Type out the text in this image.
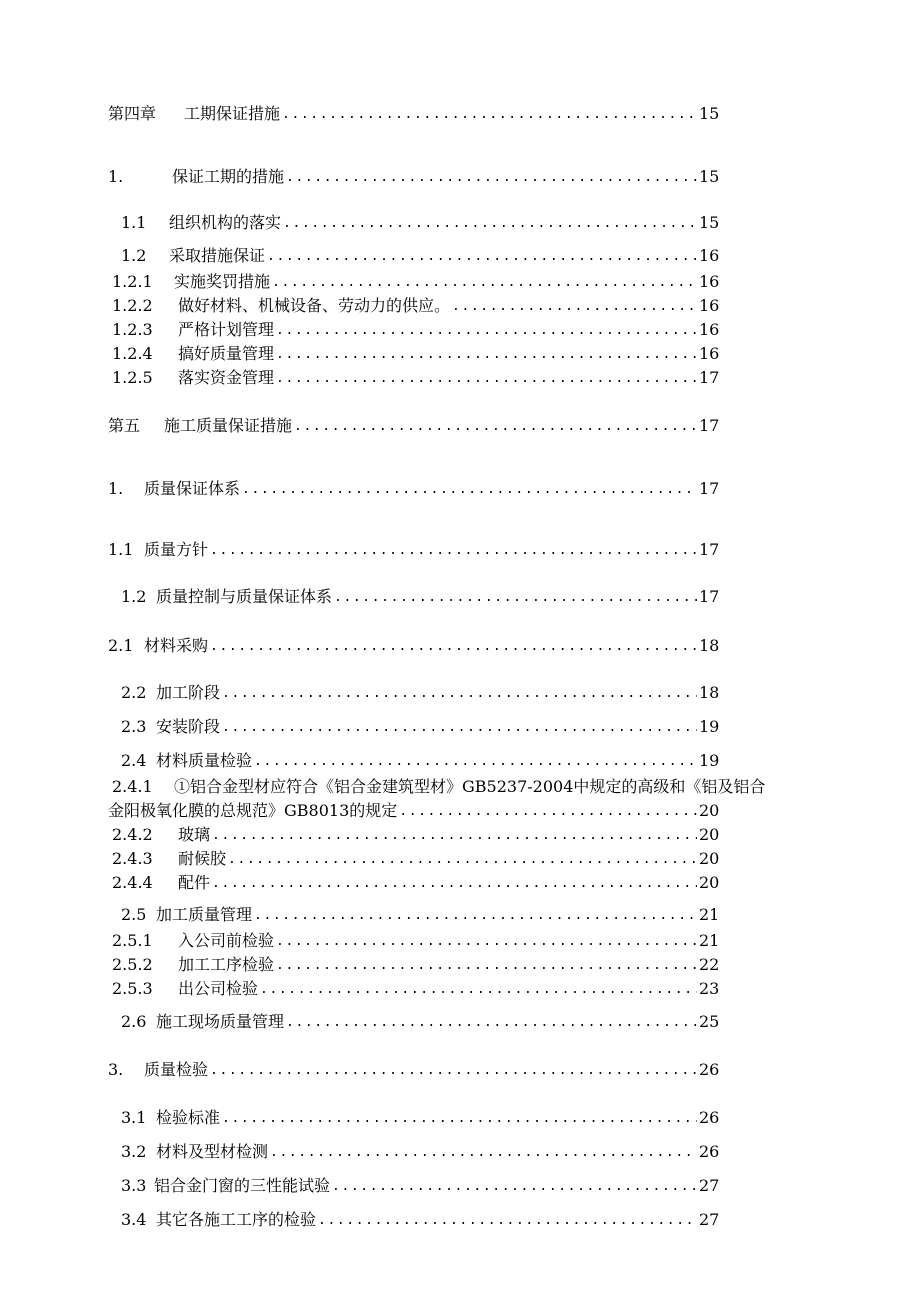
第四章	工期保证措施 .....	15
1.	保证工期的措施 .....	15
1.1	组织机构的落实 .....	15
1.2	采取措施保证 .....	16
1.2.1	实施奖罚措施 .....	16
1.2.2	做好材料、机械设备、劳动力的供应。 .....	16
1.2.3	严格计划管理 .....	16
1.2.4	搞好质量管理 .....	16
1.2.5	落实资金管理 .....	17
第五	施工质量保证措施 .....	17
1.	质量保证体系 .....	17
1.1 质量方针 .....	17
1.2 质量控制与质量保证体系 .....	17
2.1 材料采购 .....	18
2.2 加工阶段 .....	18
2.3 安装阶段 .....	19
2.4 材料质量检验 .....	19
2.4.1 ①铝合金型材应符合《铝合金建筑型材》GB5237-2004中规定的高级和《铝及铝合
金阳极氧化膜的总规范》GB8013的规定 .....	20
2.4.2	玻璃 .....	20
2.4.3	耐候胶 .....	20
2.4.4	配件 .....	20
2.5 加工质量管理 .....	21
2.5.1	入公司前检验 .....	21
2.5.2	加工工序检验 .....	22
2.5.3	出公司检验 .....	23
2.6 施工现场质量管理 .....	25
3.	质量检验 .....	26
3.1 检验标准 .....	26
3.2 材料及型材检测 .....	26
3.3 铝合金门窗的三性能试验 .....	27
3.4 其它各施工工序的检验 .....	27
